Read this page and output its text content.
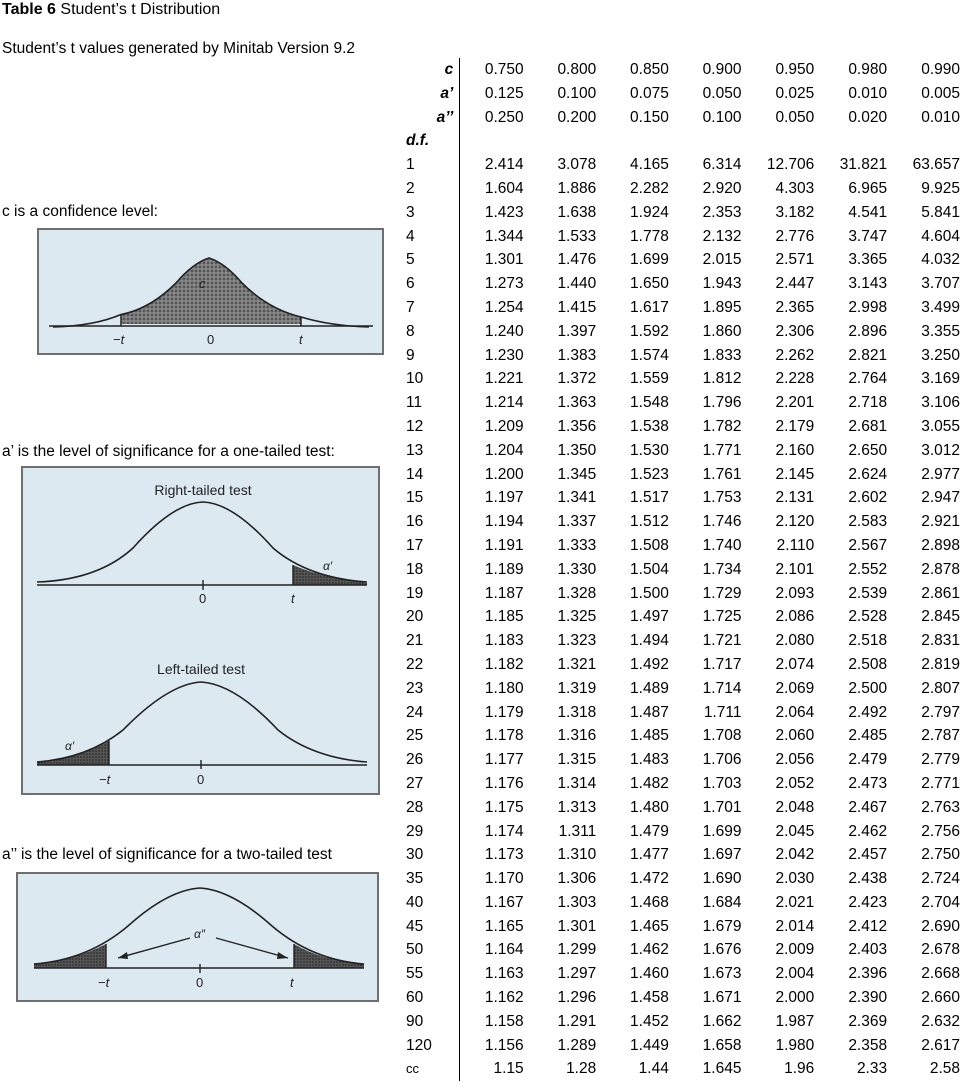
Table 6 Student’s t Distribution
Student’s t values generated by Minitab Version 9.2
c is a confidence level:
a’ is the level of significance for a one-tailed test:
a’’ is the level of significance for a two-tailed test
c
−t	0	t
Right-tailed test
α′
0	t
Left-tailed test
α′
−t	0
α″
−t	0	t
c	0.750	0.800	0.850	0.900	0.950	0.980	0.990
a’	0.125	0.100	0.075	0.050	0.025	0.010	0.005
a’’	0.250	0.200	0.150	0.100	0.050	0.020	0.010
d.f.							
1	2.414	3.078	4.165	6.314	12.706	31.821	63.657
2	1.604	1.886	2.282	2.920	4.303	6.965	9.925
3	1.423	1.638	1.924	2.353	3.182	4.541	5.841
4	1.344	1.533	1.778	2.132	2.776	3.747	4.604
5	1.301	1.476	1.699	2.015	2.571	3.365	4.032
6	1.273	1.440	1.650	1.943	2.447	3.143	3.707
7	1.254	1.415	1.617	1.895	2.365	2.998	3.499
8	1.240	1.397	1.592	1.860	2.306	2.896	3.355
9	1.230	1.383	1.574	1.833	2.262	2.821	3.250
10	1.221	1.372	1.559	1.812	2.228	2.764	3.169
11	1.214	1.363	1.548	1.796	2.201	2.718	3.106
12	1.209	1.356	1.538	1.782	2.179	2.681	3.055
13	1.204	1.350	1.530	1.771	2.160	2.650	3.012
14	1.200	1.345	1.523	1.761	2.145	2.624	2.977
15	1.197	1.341	1.517	1.753	2.131	2.602	2.947
16	1.194	1.337	1.512	1.746	2.120	2.583	2.921
17	1.191	1.333	1.508	1.740	2.110	2.567	2.898
18	1.189	1.330	1.504	1.734	2.101	2.552	2.878
19	1.187	1.328	1.500	1.729	2.093	2.539	2.861
20	1.185	1.325	1.497	1.725	2.086	2.528	2.845
21	1.183	1.323	1.494	1.721	2.080	2.518	2.831
22	1.182	1.321	1.492	1.717	2.074	2.508	2.819
23	1.180	1.319	1.489	1.714	2.069	2.500	2.807
24	1.179	1.318	1.487	1.711	2.064	2.492	2.797
25	1.178	1.316	1.485	1.708	2.060	2.485	2.787
26	1.177	1.315	1.483	1.706	2.056	2.479	2.779
27	1.176	1.314	1.482	1.703	2.052	2.473	2.771
28	1.175	1.313	1.480	1.701	2.048	2.467	2.763
29	1.174	1.311	1.479	1.699	2.045	2.462	2.756
30	1.173	1.310	1.477	1.697	2.042	2.457	2.750
35	1.170	1.306	1.472	1.690	2.030	2.438	2.724
40	1.167	1.303	1.468	1.684	2.021	2.423	2.704
45	1.165	1.301	1.465	1.679	2.014	2.412	2.690
50	1.164	1.299	1.462	1.676	2.009	2.403	2.678
55	1.163	1.297	1.460	1.673	2.004	2.396	2.668
60	1.162	1.296	1.458	1.671	2.000	2.390	2.660
90	1.158	1.291	1.452	1.662	1.987	2.369	2.632
120	1.156	1.289	1.449	1.658	1.980	2.358	2.617
cc	1.15	1.28	1.44	1.645	1.96	2.33	2.58
